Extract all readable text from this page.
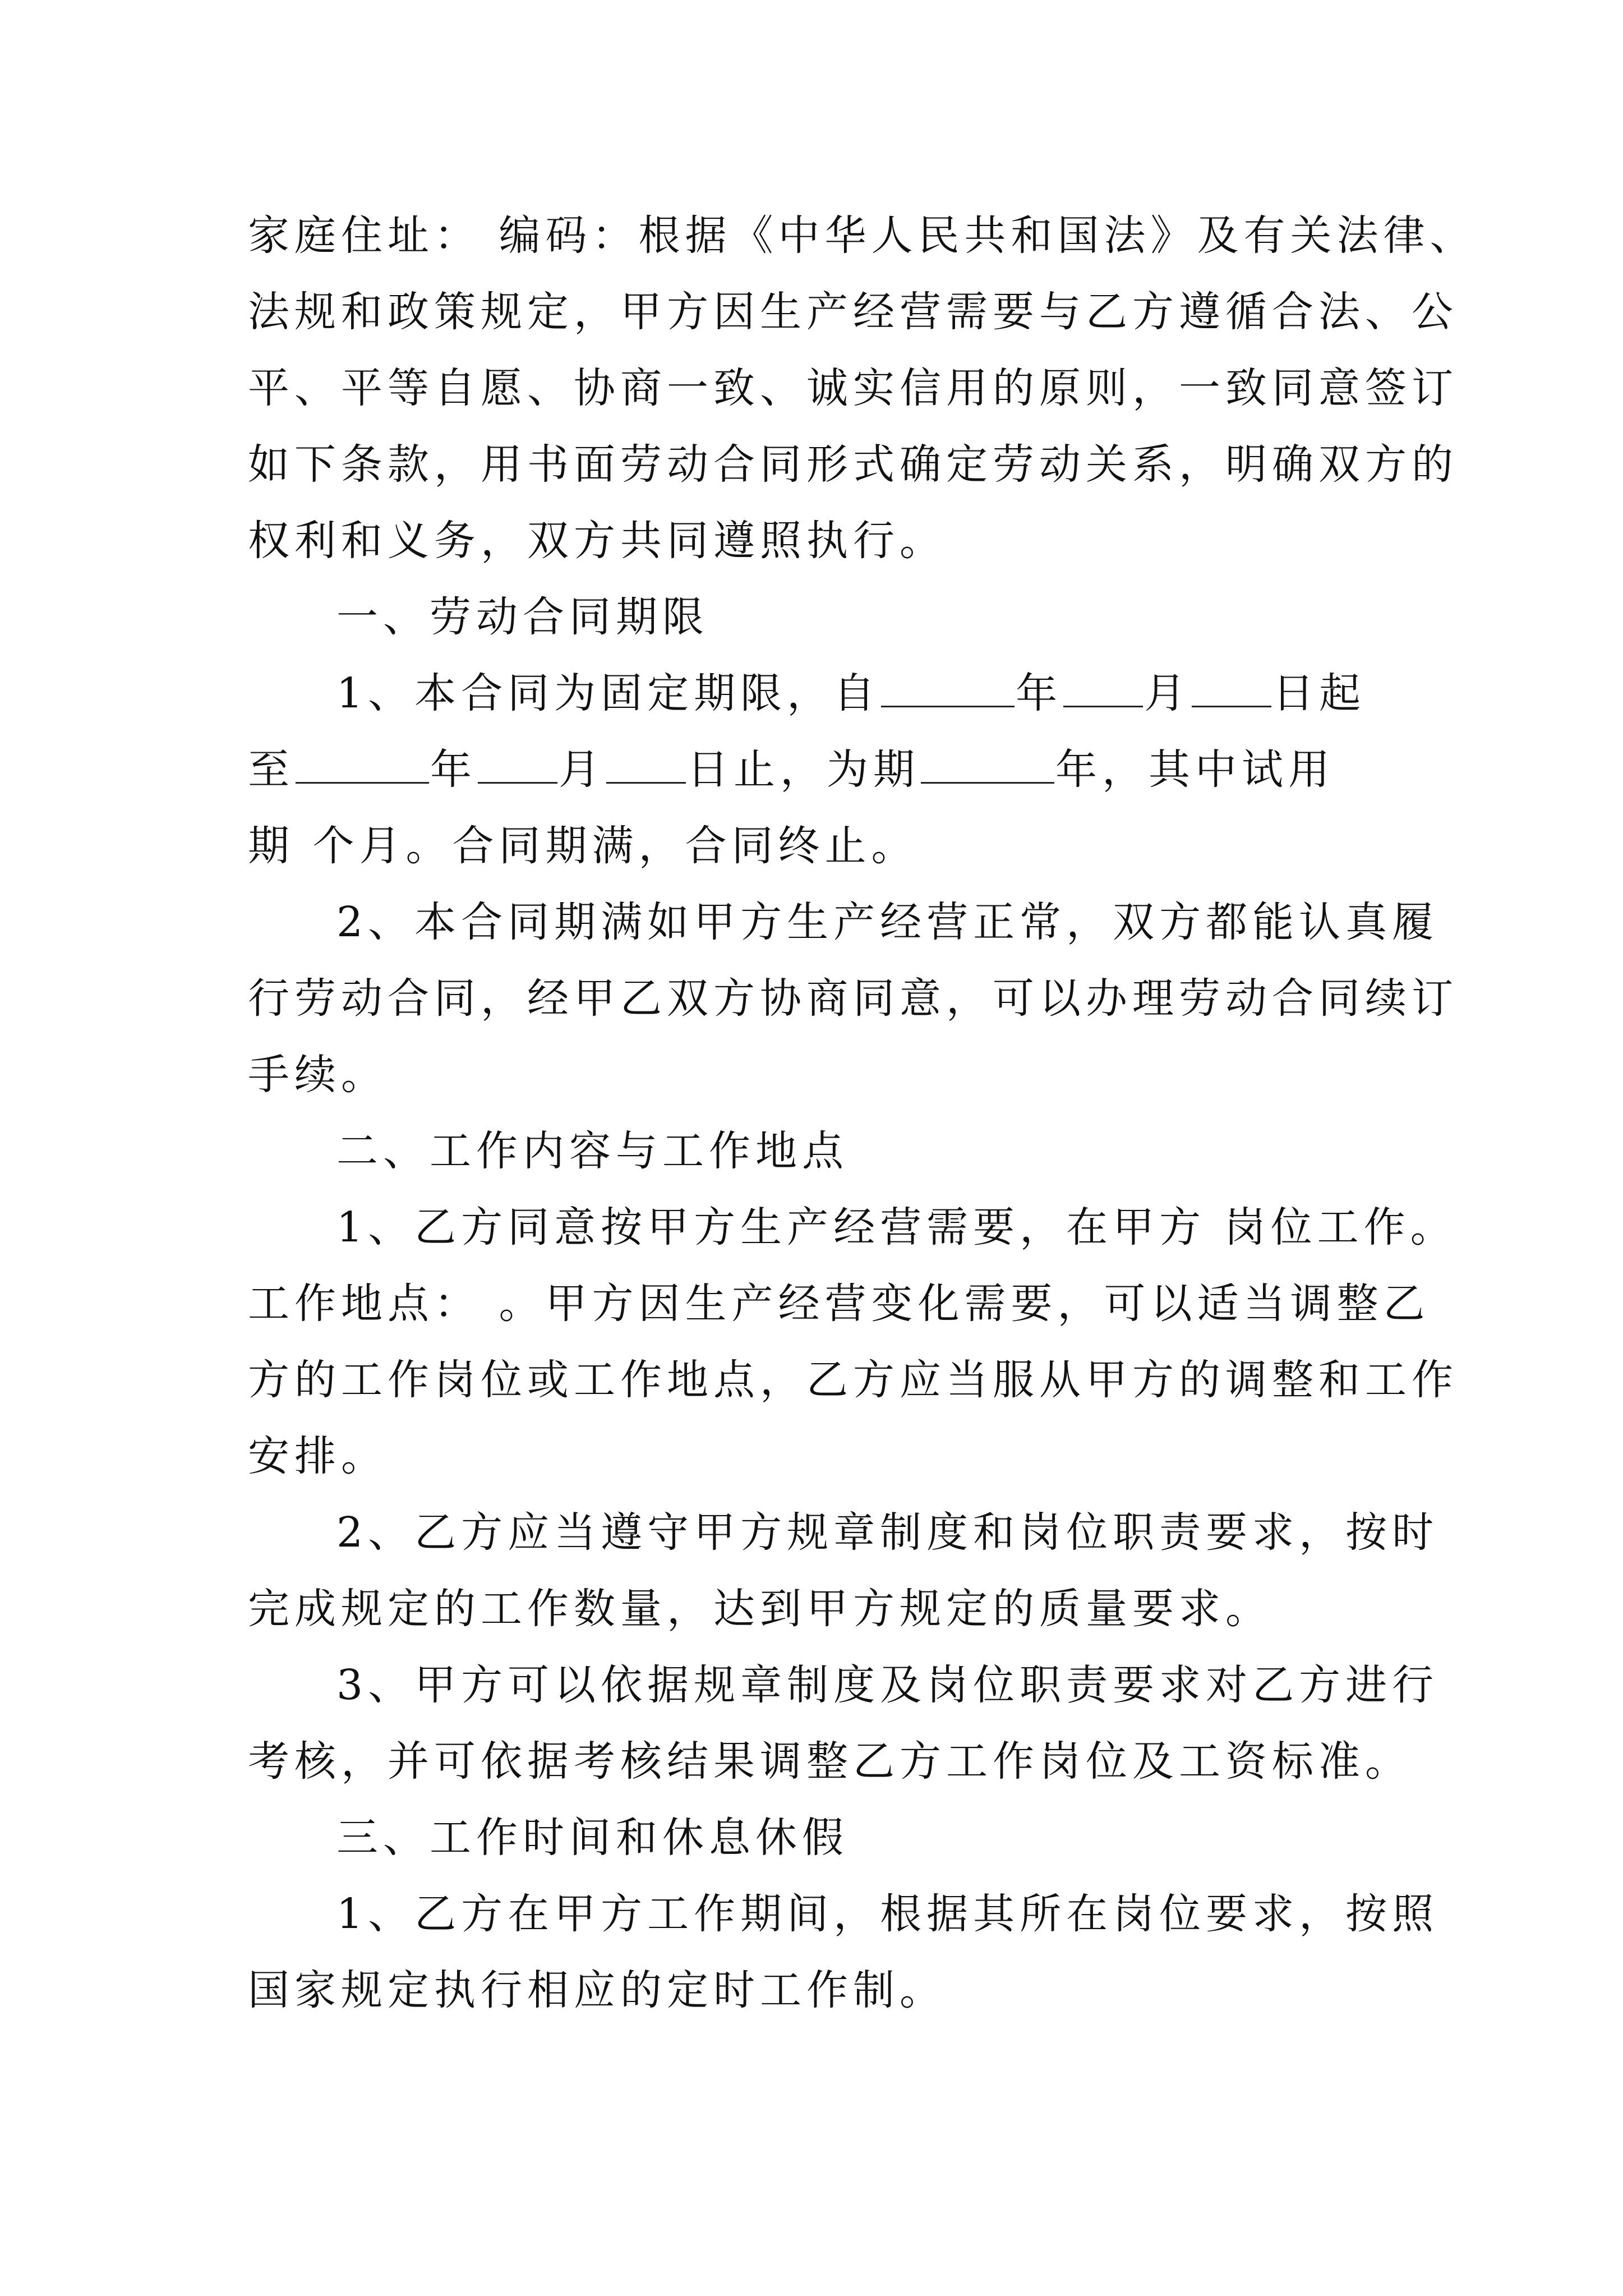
家庭住址： 编码：根据《中华人民共和国法》及有关法律、
法规和政策规定，甲方因生产经营需要与乙方遵循合法、公
平、平等自愿、协商一致、诚实信用的原则，一致同意签订
如下条款，用书面劳动合同形式确定劳动关系，明确双方的
权利和义务，双方共同遵照执行。
一、劳动合同期限
1、本合同为固定期限，自	年 月 日起
至	年 月 日止，为期	年，其中试用
期 个月。合同期满，合同终止。
2、本合同期满如甲方生产经营正常，双方都能认真履
行劳动合同，经甲乙双方协商同意，可以办理劳动合同续订
手续。
二、工作内容与工作地点
1、乙方同意按甲方生产经营需要，在甲方 岗位工作。
工作地点： 。甲方因生产经营变化需要，可以适当调整乙
方的工作岗位或工作地点，乙方应当服从甲方的调整和工作
安排。
2、乙方应当遵守甲方规章制度和岗位职责要求，按时
完成规定的工作数量，达到甲方规定的质量要求。
3、甲方可以依据规章制度及岗位职责要求对乙方进行
考核，并可依据考核结果调整乙方工作岗位及工资标准。
三、工作时间和休息休假
1、乙方在甲方工作期间，根据其所在岗位要求，按照
国家规定执行相应的定时工作制。
